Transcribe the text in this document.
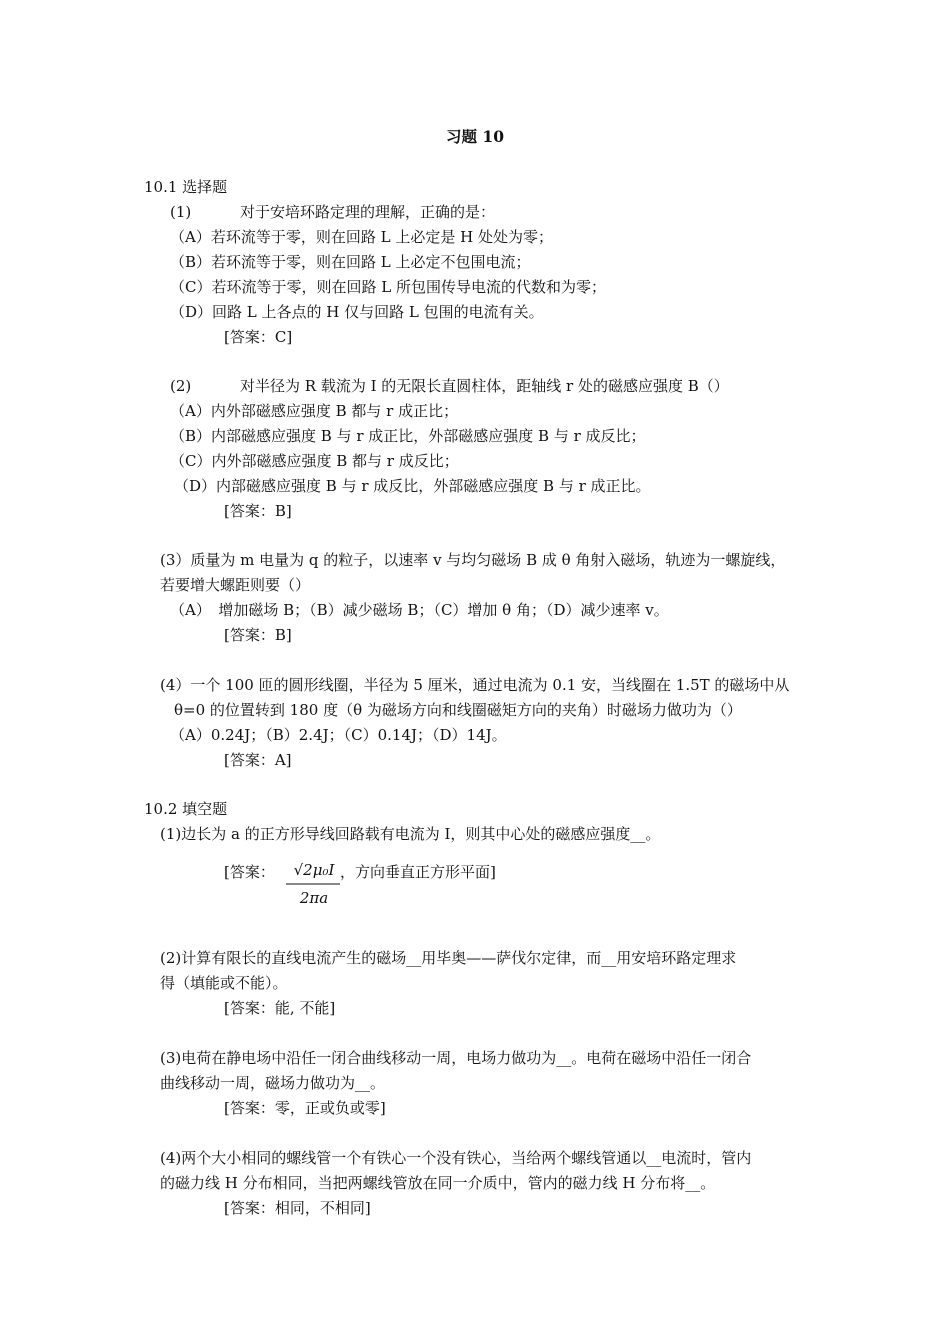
习题 10
10.1 选择题
(1)	对于安培环路定理的理解，正确的是：
（A）若环流等于零，则在回路 L 上必定是 H 处处为零；
（B）若环流等于零，则在回路 L 上必定不包围电流；
（C）若环流等于零，则在回路 L 所包围传导电流的代数和为零；
（D）回路 L 上各点的 H 仅与回路 L 包围的电流有关。
[答案：C]
(2)	对半径为 R 载流为 I 的无限长直圆柱体，距轴线 r 处的磁感应强度 B（）
（A）内外部磁感应强度 B 都与 r 成正比；
（B）内部磁感应强度 B 与 r 成正比，外部磁感应强度 B 与 r 成反比；
（C）内外部磁感应强度 B 都与 r 成反比；
（D）内部磁感应强度 B 与 r 成反比，外部磁感应强度 B 与 r 成正比。
[答案：B]
(3）质量为 m 电量为 q 的粒子，以速率 v 与均匀磁场 B 成 θ 角射入磁场，轨迹为一螺旋线，
若要增大螺距则要（）
（A）　增加磁场 B；（B）减少磁场 B；（C）增加 θ 角；（D）减少速率 v。
[答案：B]
(4）一个 100 匝的圆形线圈，半径为 5 厘米，通过电流为 0.1 安，当线圈在 1.5T 的磁场中从
θ=0 的位置转到 180 度（θ 为磁场方向和线圈磁矩方向的夹角）时磁场力做功为（）
（A）0.24J；（B）2.4J；（C）0.14J；（D）14J。
[答案：A]
10.2 填空题
(1)边长为 a 的正方形导线回路载有电流为 I，则其中心处的磁感应强度__。
[答案： √2μ₀I
2πa
，方向垂直正方形平面]
(2)计算有限长的直线电流产生的磁场__用毕奥——萨伐尔定律，而__用安培环路定理求
得（填能或不能）。
[答案：能, 不能]
(3)电荷在静电场中沿任一闭合曲线移动一周，电场力做功为__。电荷在磁场中沿任一闭合
曲线移动一周，磁场力做功为__。
[答案：零，正或负或零]
(4)两个大小相同的螺线管一个有铁心一个没有铁心，当给两个螺线管通以__电流时，管内
的磁力线 H 分布相同，当把两螺线管放在同一介质中，管内的磁力线 H 分布将__。
[答案：相同，不相同]
